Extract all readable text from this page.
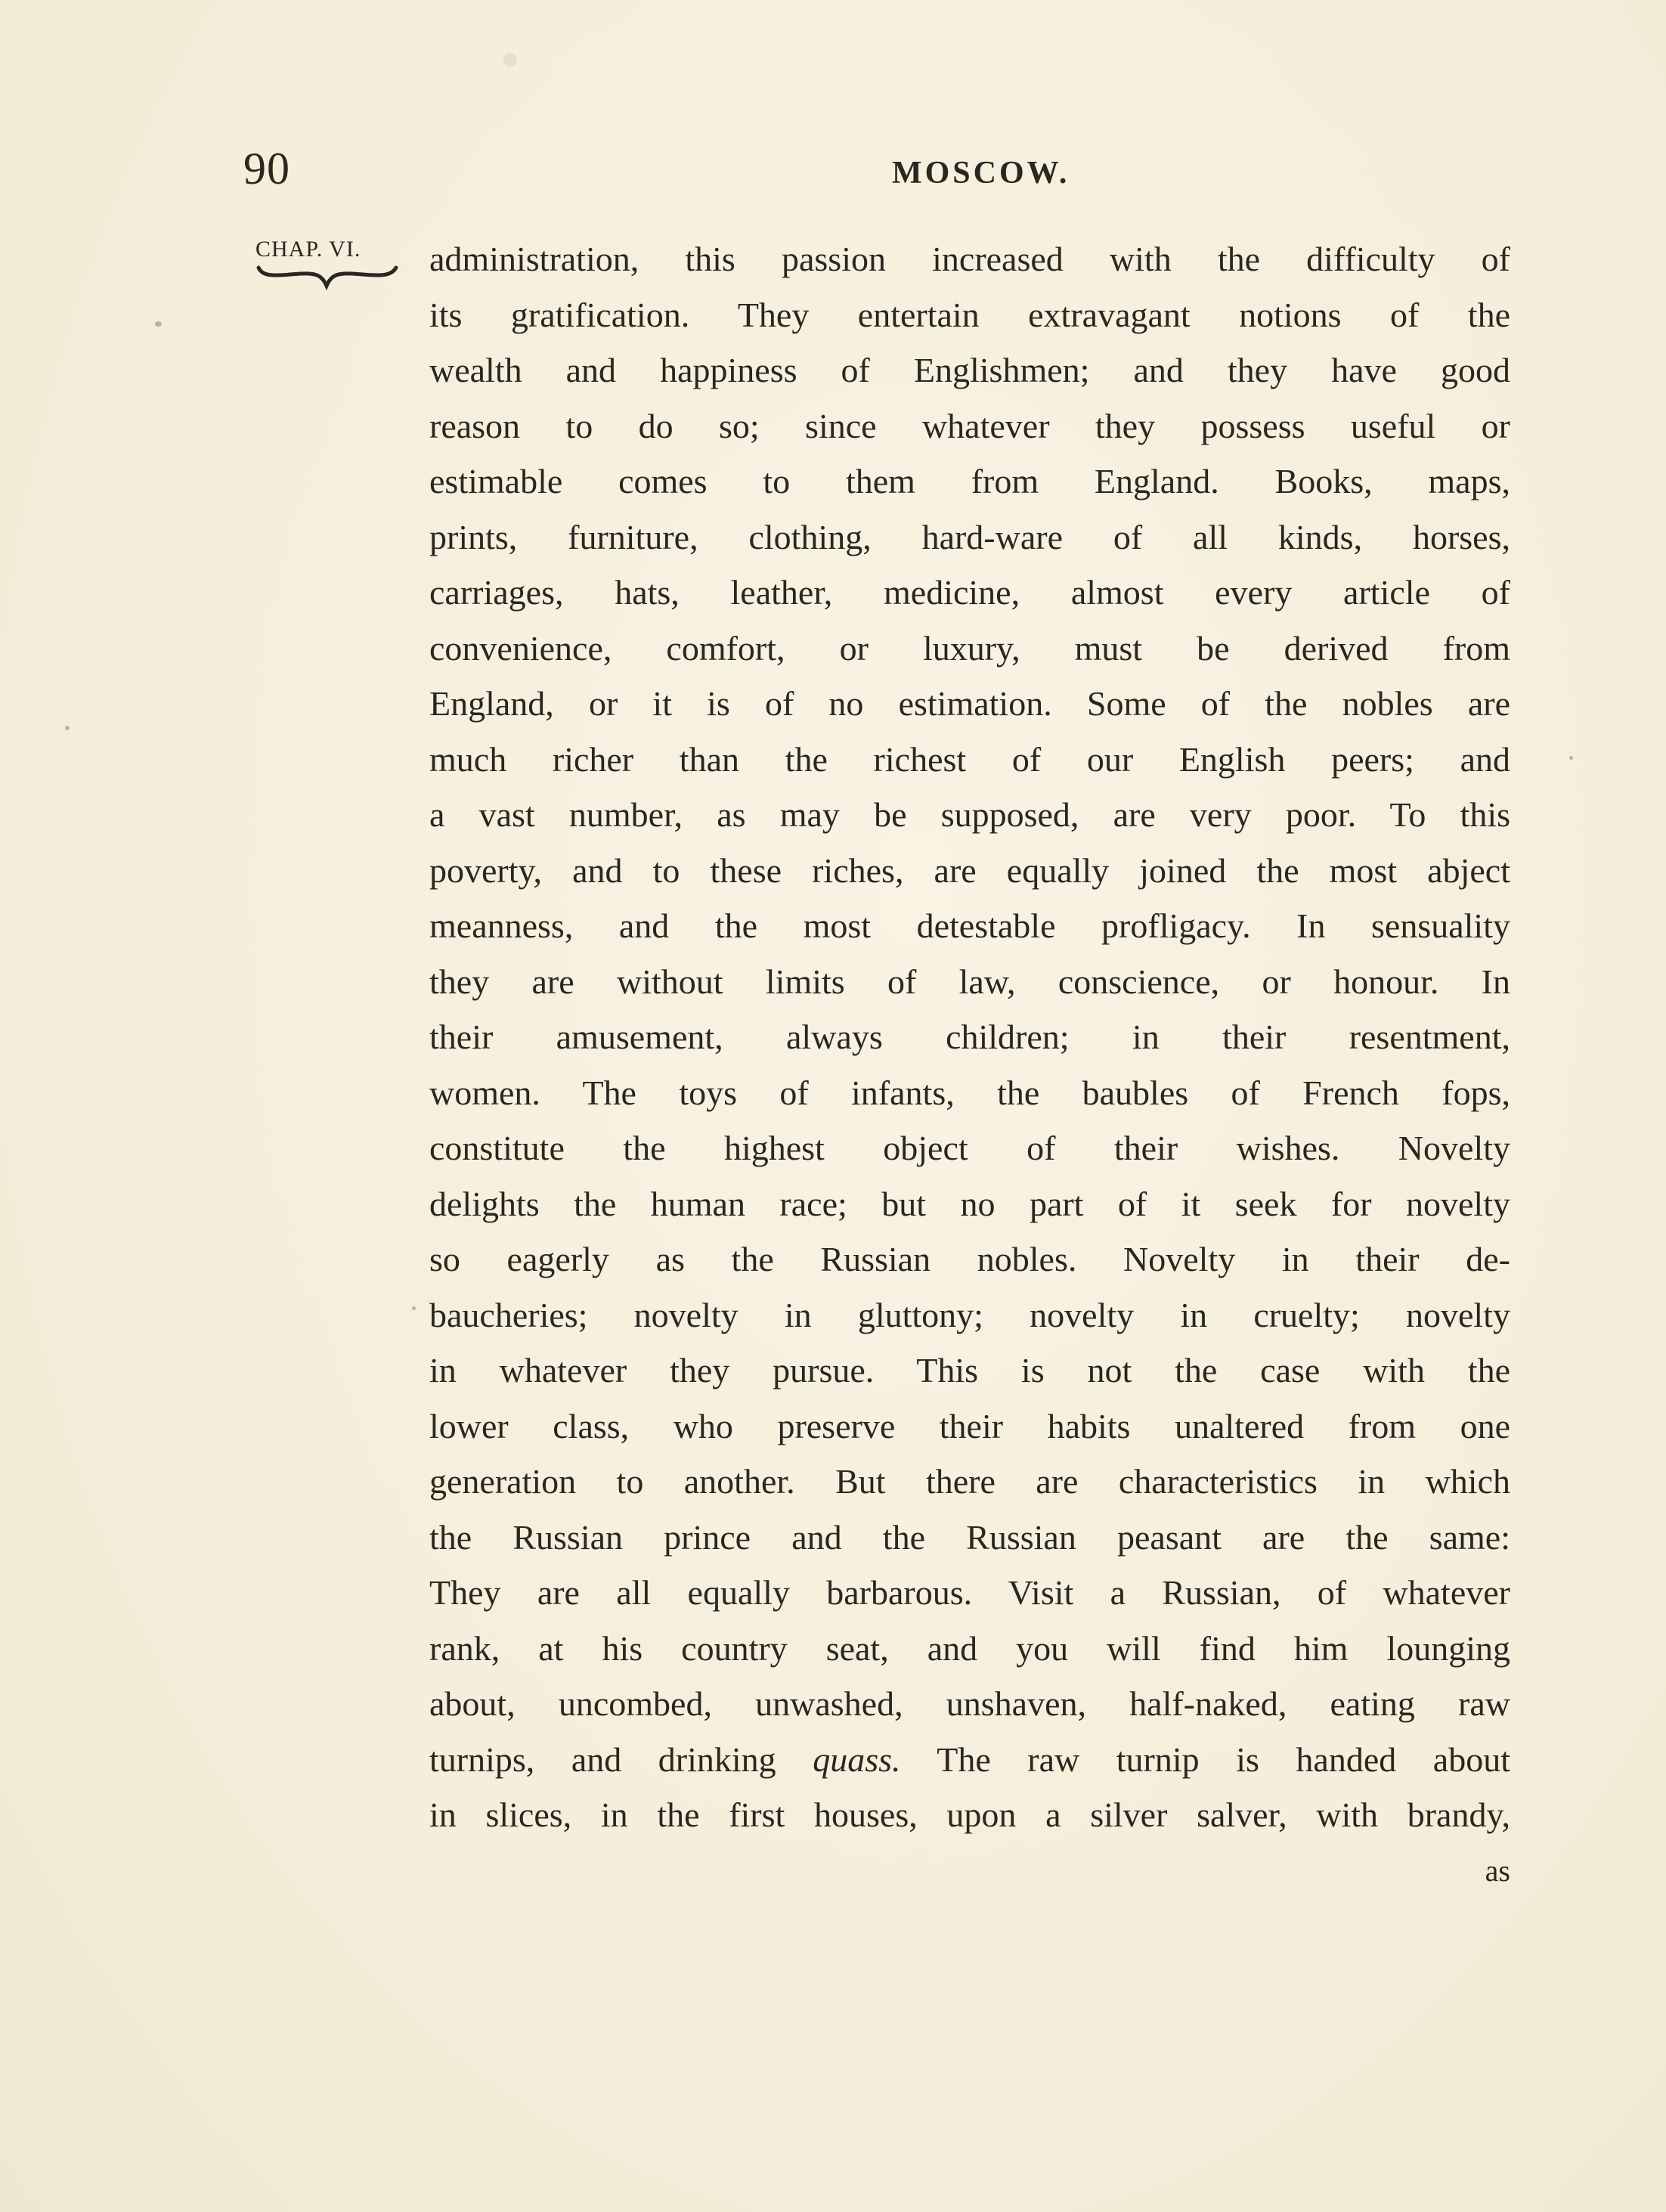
90	MOSCOW.
CHAP. VI.	administration, this passion increased with the difficulty of
its gratification. They entertain extravagant notions of the
wealth and happiness of Englishmen; and they have good
reason to do so; since whatever they possess useful or
estimable comes to them from England. Books, maps,
prints, furniture, clothing, hard-ware of all kinds, horses,
carriages, hats, leather, medicine, almost every article of
convenience, comfort, or luxury, must be derived from
England, or it is of no estimation. Some of the nobles are
much richer than the richest of our English peers; and
a vast number, as may be supposed, are very poor. To this
poverty, and to these riches, are equally joined the most abject
meanness, and the most detestable profligacy. In sensuality
they are without limits of law, conscience, or honour. In
their amusement, always children; in their resentment,
women. The toys of infants, the baubles of French fops,
constitute the highest object of their wishes. Novelty
delights the human race; but no part of it seek for novelty
so eagerly as the Russian nobles. Novelty in their de-
baucheries; novelty in gluttony; novelty in cruelty; novelty
in whatever they pursue. This is not the case with the
lower class, who preserve their habits unaltered from one
generation to another. But there are characteristics in which
the Russian prince and the Russian peasant are the same:
They are all equally barbarous. Visit a Russian, of whatever
rank, at his country seat, and you will find him lounging
about, uncombed, unwashed, unshaven, half-naked, eating raw
turnips, and drinking quass. The raw turnip is handed about
in slices, in the first houses, upon a silver salver, with brandy,
as
